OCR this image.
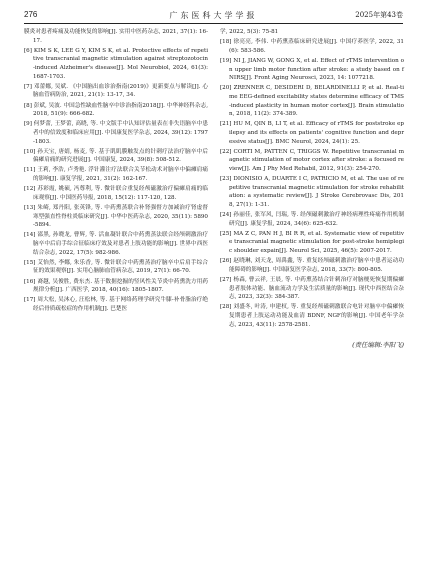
276	广东医科大学学报	2025年第43卷

膜炎对患者疼痛及功能恢复的影响[J]. 实用中医药杂志, 2021, 37(1): 16-17.

[6] KIM S K, LEE G Y, KIM S K, et al. Protective effects of repetitive transcranial magnetic stimulation against streptozotocin-induced Alzheimer's disease[J]. Mol Neurobiol, 2024, 61(3): 1687-1703.

[7] 邓蕾娜, 吴斌. 《中国脑出血诊治指南(2019)》更新要点与解读[J]. 心脑血管病防治, 2021, 21(1): 13-17, 34.

[8] 彭斌, 吴波. 中国急性缺血性脑卒中诊治指南2018[J]. 中华神经科杂志, 2018, 51(9): 666-682.

[9] 何梦蕾, 王梦蕾, 高晓, 等. 中文版手中认知评估量表在非失语脑卒中患者中的信效度和临床应用[J]. 中国康复医学杂志, 2024, 39(12): 1797-1803.

[10] 孙天宝, 唐婧, 杨麦, 等. 基于肌肌膜触发点的针刺疗法治疗脑卒中后偏瘫肩痛的研究进展[J]. 中国康复, 2024, 39(8): 508-512.

[11] 王莉, 李浩, 卢秀艳. 浮针灌注疗法联合关节松动术对脑卒中偏瘫肩痛的影响[J]. 康复学报, 2021, 31(2): 162-167.

[12] 苏彩霞, 姚硕, 冯尊利, 等. 微针联合重复经颅磁激治疗偏瘫肩痛的临床观察[J]. 中国医药导报, 2018, 15(12): 117-120, 128.

[13] 朱崎, 郑丹阳, 张英锋, 等. 中药熏蒸联合补肾强督方加减治疗肾虚督寒型强直性脊柱炎临床研究[J]. 中华中医药杂志, 2020, 35(11): 5890-5894.

[14] 邵黑, 孙晓龙, 曹辉, 等. 活血凝针联合中药熏蒸法联合经颅刺激治疗脑卒中后肩手综合征临床疗效及对患者上肢功能的影响[J]. 世界中西医结合杂志, 2022, 17(5): 982-986.

[15] 艾怡然, 李娜, 朱乐香, 等. 微针联合中药熏蒸治疗脑卒中后肩手综合征的效果观察[J]. 实用心脑肺血管病杂志, 2019, 27(1): 66-70.

[16] 裔越, 吴俊胜, 费东杰. 基于数据挖掘的竖风性关节炎中药熏洗方用药规律分析[J]. 广西医学, 2018, 40(16): 1805-1807.

[17] 周大松, 吴沐心, 汪松林, 等. 基于网络药理学研究牛膝-补骨脂治疗绝经后骨质疏松症的作用机制[J]. 巴楚医

学, 2022, 5(3): 75-81

[18] 徐亮亮, 李伟. 中药熏蒸临床研究进展[J]. 中国疗养医学, 2022, 31(6): 583-586.

[19] NI J, JIANG W, GONG X, et al. Effect of rTMS intervention on upper limb motor function after stroke: a study based on fNIRS[J]. Front Aging Neurosci, 2023, 14: 1077218.

[20] ZRENNER C, DESIDERI D, BELARDINELLI P, et al. Real-time EEG-defined excitability states determine efficacy of TMS-induced plasticity in human motor cortex[J]. Brain stimulation, 2018, 11(2): 374-389.

[21] HU M, QIN B, LI T, et al. Efficacy of rTMS for poststroke epilepsy and its effects on patients' cognitive function and depressive status[J]. BMC Neurol, 2024, 24(1): 25.

[22] CORTI M, PATTEN C, TRIGGS W. Repetitive transcranial magnetic stimulation of motor cortex after stroke: a focused review[J]. Am J Phy Med Rehabil, 2012, 91(3): 254-270.

[23] DIONISIO A, DUARTE I C, PATRICIO M, et al. The use of repetitive transcranial magnetic stimulation for stroke rehabilitation: a systematic review[J]. J Stroke Cerebrovasc Dis, 2018, 27(1): 1-31.

[24] 孙丽佳, 张军风, 闫瑞, 等. 经颅磁刺激治疗神经病理性疼痛作用机制研究[J]. 康复学报, 2024, 34(6): 625-632.

[25] MA Z C, PAN H J, BI R R, et al. Systematic view of repetitive transcranial magnetic stimulation for post-stroke hemiplegic shoulder expain[J]. Neurol Sci, 2025, 46(5): 2007-2017.

[26] 赵晓琳, 刘天龙, 周禹鑫, 等. 重复经颅磁刺激治疗脑卒中患者运动功能障碍的影响[J]. 中国康复医学杂志, 2018, 33(7): 800-805.

[27] 杨森, 曹云祥, 王晨, 等. 中药熏蒸结合针刺治疗对脑梗死恢复期偏瘫患者肢体功能、脑血流动力学及生活质量的影响[J]. 现代中西医结合杂志, 2023, 32(3): 384-387.

[28] 刘盛冬, 叶涛, 申建权, 等. 重复经颅磁刺激联合电针对脑卒中偏瘫恢复期患者上肢运动功能及血清 BDNF, NGF的影响[J]. 中国老年学杂志, 2023, 43(11): 2578-2581.

(责任编辑:李阳飞)
